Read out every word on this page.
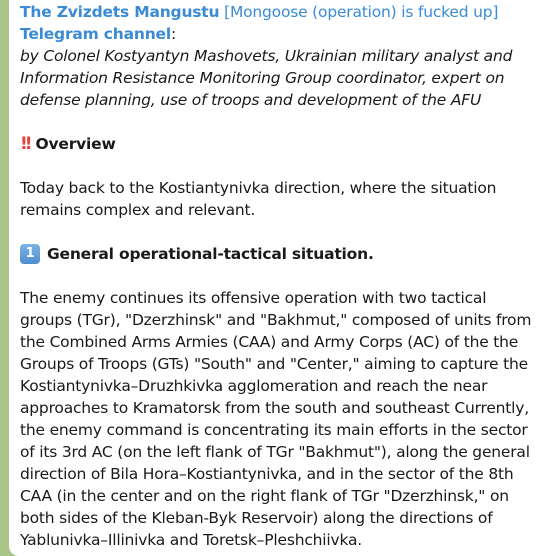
The Zvizdets Mangustu [Mongoose (operation) is fucked up]
Telegram channel:

by Colonel Kostyantyn Mashovets, Ukrainian military analyst and Information Resistance Monitoring Group coordinator, expert on defense planning, use of troops and development of the AFU

!! Overview

Today back to the Kostiantynivka direction, where the situation remains complex and relevant.

1 General operational-tactical situation.

The enemy continues its offensive operation with two tactical groups (TGr), "Dzerzhinsk" and "Bakhmut," composed of units from the Combined Arms Armies (CAA) and Army Corps (AC) of the the Groups of Troops (GTs) "South" and "Center," aiming to capture the Kostiantynivka–Druzhkivka agglomeration and reach the near approaches to Kramatorsk from the south and southeast Currently, the enemy command is concentrating its main efforts in the sector of its 3rd AC (on the left flank of TGr "Bakhmut"), along the general direction of Bila Hora–Kostiantynivka, and in the sector of the 8th CAA (in the center and on the right flank of TGr "Dzerzhinsk," on both sides of the Kleban-Byk Reservoir) along the directions of Yablunivka–Illinivka and Toretsk–Pleshchiivka.
